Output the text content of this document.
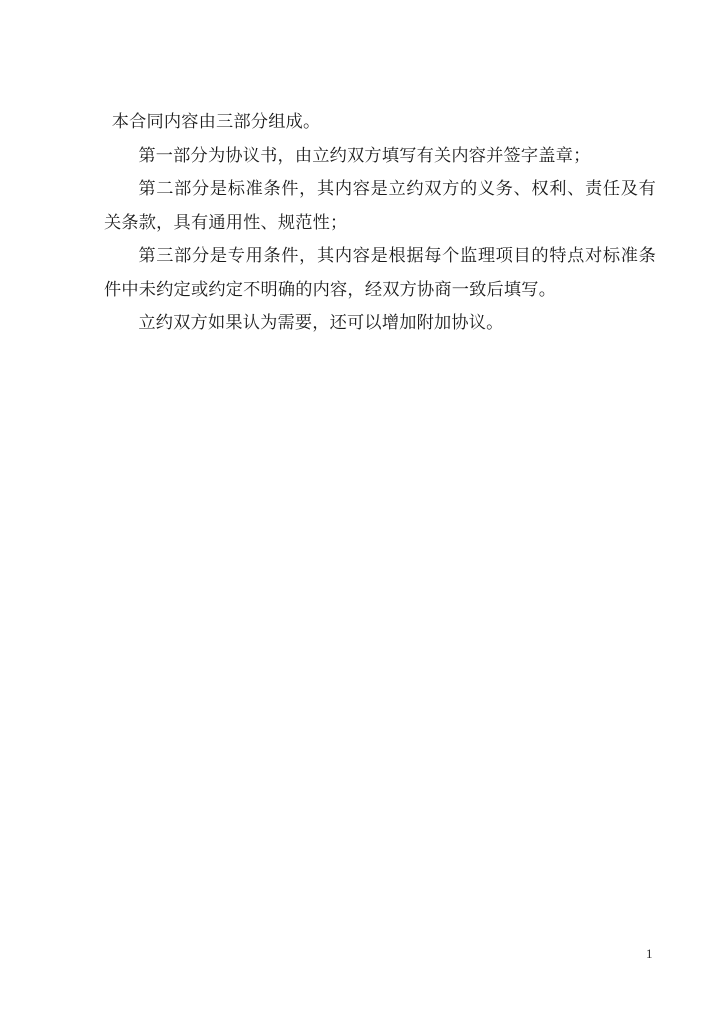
本合同内容由三部分组成。

第一部分为协议书，由立约双方填写有关内容并签字盖章；

第二部分是标准条件，其内容是立约双方的义务、权利、责任及有关条款，具有通用性、规范性；

第三部分是专用条件，其内容是根据每个监理项目的特点对标准条件中未约定或约定不明确的内容，经双方协商一致后填写。

立约双方如果认为需要，还可以增加附加协议。

1
